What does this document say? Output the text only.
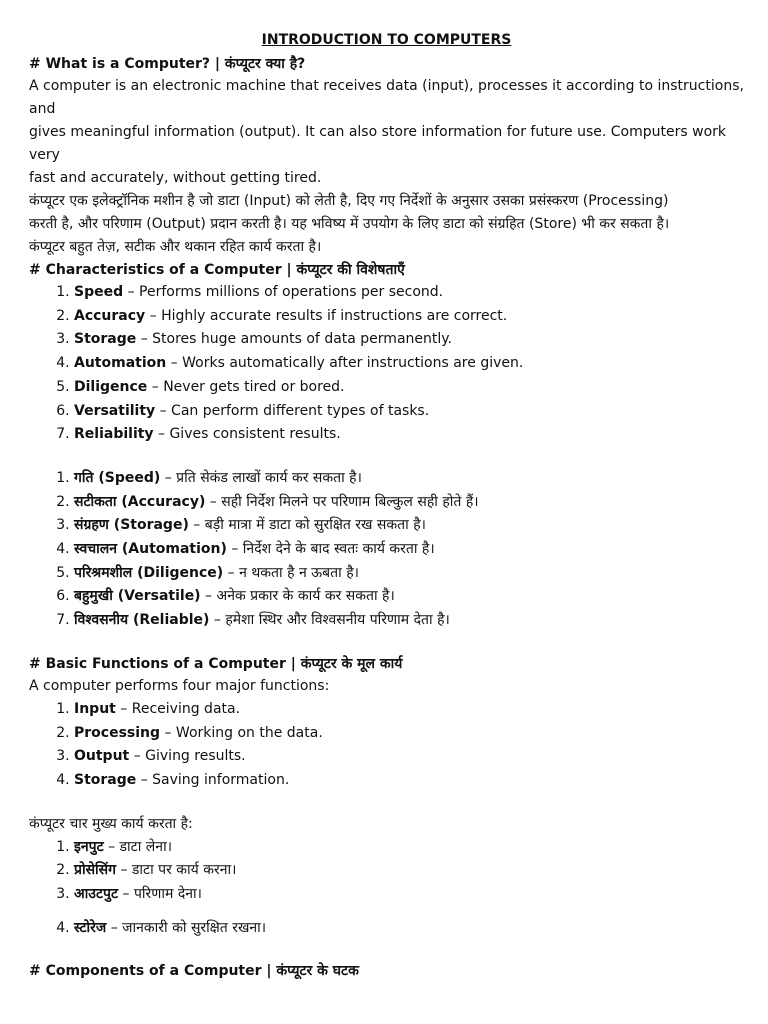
INTRODUCTION TO COMPUTERS
# What is a Computer? | कंप्यूटर क्या है?
A computer is an electronic machine that receives data (input), processes it according to instructions, and
gives meaningful information (output). It can also store information for future use. Computers work very
fast and accurately, without getting tired.
कंप्यूटर एक इलेक्ट्रॉनिक मशीन है जो डाटा (Input) को लेती है, दिए गए निर्देशों के अनुसार उसका प्रसंस्करण (Processing)
करती है, और परिणाम (Output) प्रदान करती है। यह भविष्य में उपयोग के लिए डाटा को संग्रहित (Store) भी कर सकता है।
कंप्यूटर बहुत तेज़, सटीक और थकान रहित कार्य करता है।
# Characteristics of a Computer | कंप्यूटर की विशेषताएँ
1. Speed – Performs millions of operations per second.
2. Accuracy – Highly accurate results if instructions are correct.
3. Storage – Stores huge amounts of data permanently.
4. Automation – Works automatically after instructions are given.
5. Diligence – Never gets tired or bored.
6. Versatility – Can perform different types of tasks.
7. Reliability – Gives consistent results.
1. गति (Speed) – प्रति सेकंड लाखों कार्य कर सकता है।
2. सटीकता (Accuracy) – सही निर्देश मिलने पर परिणाम बिल्कुल सही होते हैं।
3. संग्रहण (Storage) – बड़ी मात्रा में डाटा को सुरक्षित रख सकता है।
4. स्वचालन (Automation) – निर्देश देने के बाद स्वतः कार्य करता है।
5. परिश्रमशील (Diligence) – न थकता है न ऊबता है।
6. बहुमुखी (Versatile) – अनेक प्रकार के कार्य कर सकता है।
7. विश्वसनीय (Reliable) – हमेशा स्थिर और विश्वसनीय परिणाम देता है।
# Basic Functions of a Computer | कंप्यूटर के मूल कार्य
A computer performs four major functions:
1. Input – Receiving data.
2. Processing – Working on the data.
3. Output – Giving results.
4. Storage – Saving information.
कंप्यूटर चार मुख्य कार्य करता है:
1. इनपुट – डाटा लेना।
2. प्रोसेसिंग – डाटा पर कार्य करना।
3. आउटपुट – परिणाम देना।
4. स्टोरेज – जानकारी को सुरक्षित रखना।
# Components of a Computer | कंप्यूटर के घटक
